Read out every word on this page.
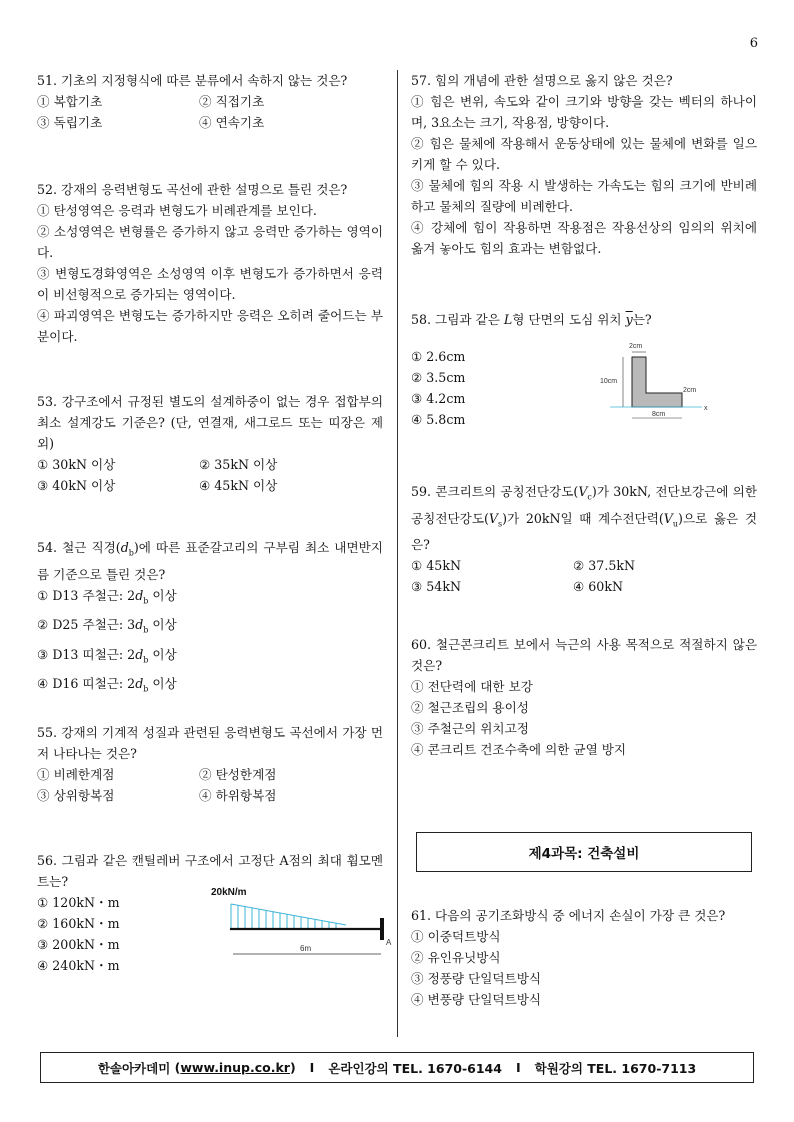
6
51. 기초의 지정형식에 따른 분류에서 속하지 않는 것은?
① 복합기초	② 직접기초
③ 독립기초	④ 연속기초
52. 강재의 응력변형도 곡선에 관한 설명으로 틀린 것은?
① 탄성영역은 응력과 변형도가 비례관계를 보인다.
② 소성영역은 변형률은 증가하지 않고 응력만 증가하는 영역이다.
③ 변형도경화영역은 소성영역 이후 변형도가 증가하면서 응력이 비선형적으로 증가되는 영역이다.
④ 파괴영역은 변형도는 증가하지만 응력은 오히려 줄어드는 부분이다.
53. 강구조에서 규정된 별도의 설계하중이 없는 경우 접합부의 최소 설계강도 기준은? (단, 연결재, 새그로드 또는 띠장은 제외)
① 30kN 이상	② 35kN 이상
③ 40kN 이상	④ 45kN 이상
54. 철근 직경$(d_b)$에 따른 표준갈고리의 구부림 최소 내면반지름 기준으로 틀린 것은?
① D13 주철근: $2d_b$ 이상
② D25 주철근: $3d_b$ 이상
③ D13 띠철근: $2d_b$ 이상
④ D16 띠철근: $2d_b$ 이상
55. 강재의 기계적 성질과 관련된 응력변형도 곡선에서 가장 먼저 나타나는 것은?
① 비례한계점	② 탄성한계점
③ 상위항복점	④ 하위항복점
56. 그림과 같은 캔틸레버 구조에서 고정단 A점의 최대 휨모멘트는?
① 120kN・m
② 160kN・m
③ 200kN・m
④ 240kN・m
20kN/m
A
6m
57. 힘의 개념에 관한 설명으로 옳지 않은 것은?
① 힘은 변위, 속도와 같이 크기와 방향을 갖는 벡터의 하나이며, 3요소는 크기, 작용점, 방향이다.
② 힘은 물체에 작용해서 운동상태에 있는 물체에 변화를 일으키게 할 수 있다.
③ 물체에 힘의 작용 시 발생하는 가속도는 힘의 크기에 반비례하고 물체의 질량에 비례한다.
④ 강체에 힘이 작용하면 작용점은 작용선상의 임의의 위치에 옮겨 놓아도 힘의 효과는 변함없다.
58. 그림과 같은 L형 단면의 도심 위치 $\overline{y}$는?
① 2.6cm
② 3.5cm
③ 4.2cm
④ 5.8cm
2cm
10cm
2cm
x
8cm
59. 콘크리트의 공칭전단강도$(V_c)$가 30kN, 전단보강근에 의한 공칭전단강도$(V_s)$가 20kN일 때 계수전단력$(V_u)$으로 옳은 것은?
① 45kN	② 37.5kN
③ 54kN	④ 60kN
60. 철근콘크리트 보에서 늑근의 사용 목적으로 적절하지 않은 것은?
① 전단력에 대한 보강
② 철근조립의 용이성
③ 주철근의 위치고정
④ 콘크리트 건조수축에 의한 균열 방지
제4과목: 건축설비
61. 다음의 공기조화방식 중 에너지 손실이 가장 큰 것은?
① 이중덕트방식
② 유인유닛방식
③ 정풍량 단일덕트방식
④ 변풍량 단일덕트방식
한솔아카데미 ( www.inup.co.kr ) I 온라인강의 TEL. 1670-6144 I 학원강의 TEL. 1670-7113
